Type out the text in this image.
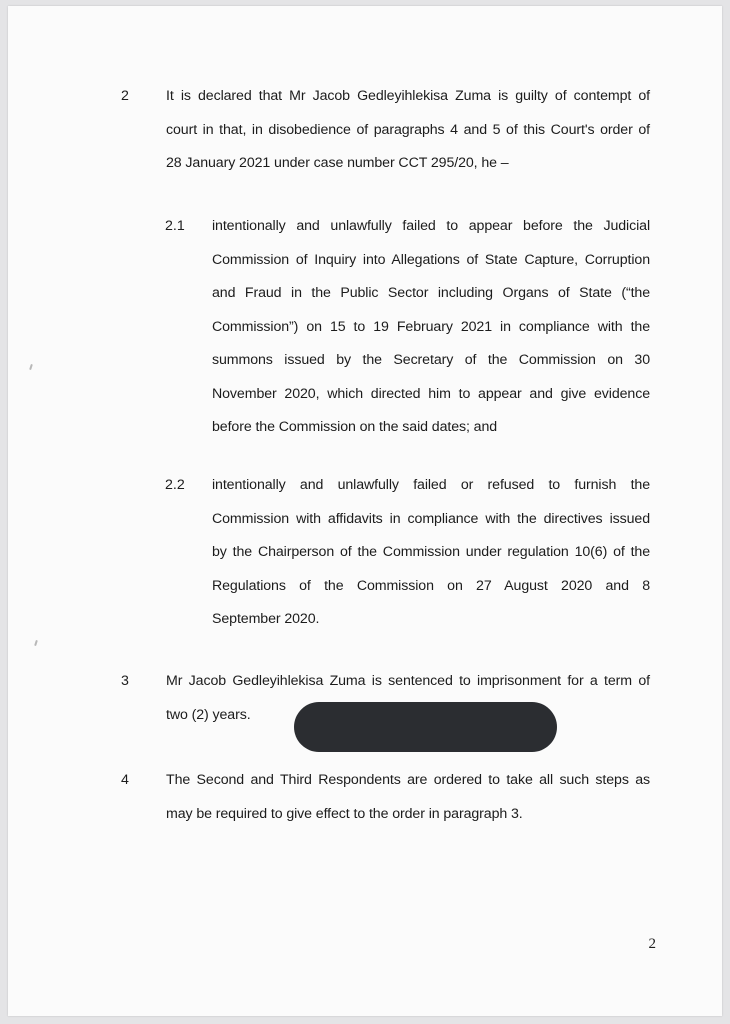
2	It is declared that Mr Jacob Gedleyihlekisa Zuma is guilty of contempt of
court in that, in disobedience of paragraphs 4 and 5 of this Court's order of
28 January 2021 under case number CCT 295/20, he –
2.1 intentionally and unlawfully failed to appear before the Judicial
Commission of Inquiry into Allegations of State Capture, Corruption
and Fraud in the Public Sector including Organs of State (“the
Commission”) on 15 to 19 February 2021 in compliance with the
summons issued by the Secretary of the Commission on 30
November 2020, which directed him to appear and give evidence
before the Commission on the said dates; and
2.2 intentionally and unlawfully failed or refused to furnish the
Commission with affidavits in compliance with the directives issued
by the Chairperson of the Commission under regulation 10(6) of the
Regulations of the Commission on 27 August 2020 and 8
September 2020.
3	Mr Jacob Gedleyihlekisa Zuma is sentenced to imprisonment for a term of
two (2) years.
4	The Second and Third Respondents are ordered to take all such steps as
may be required to give effect to the order in paragraph 3.
2
